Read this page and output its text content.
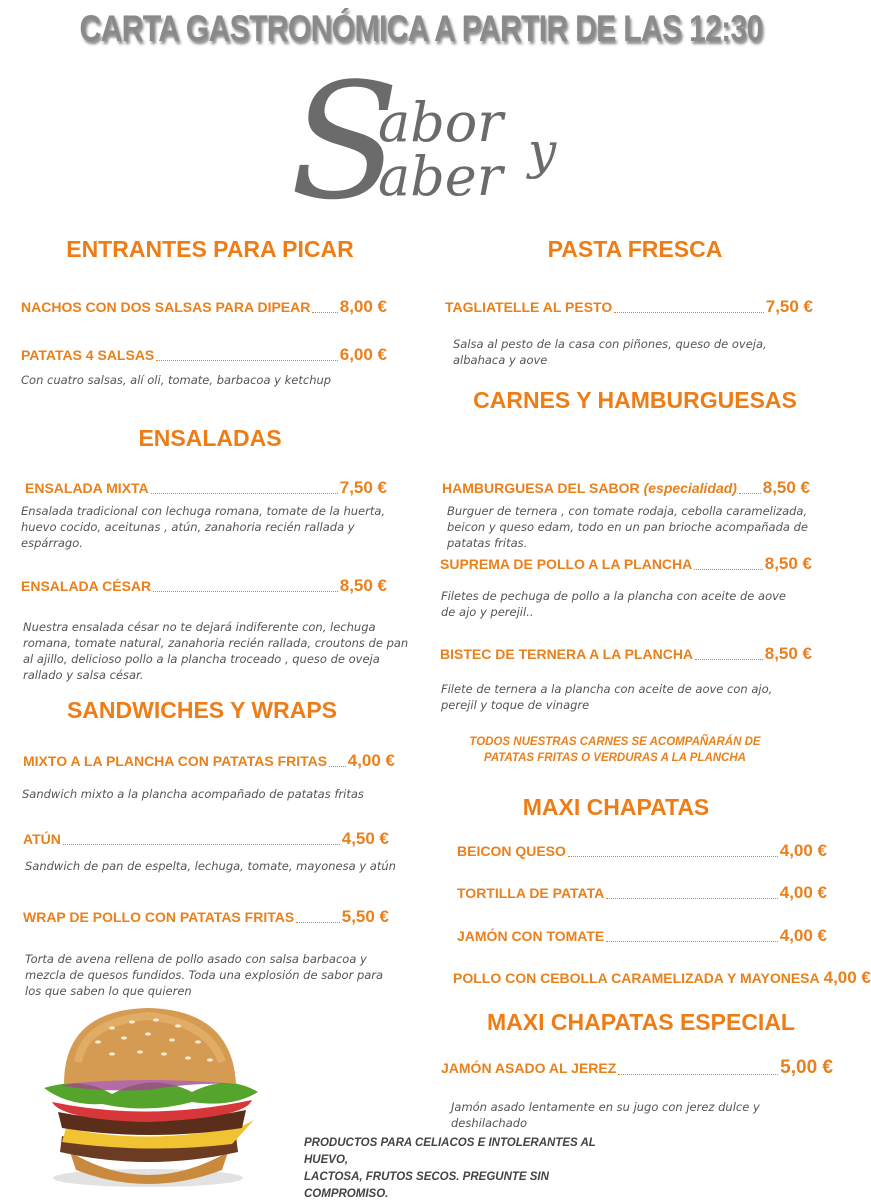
CARTA GASTRONÓMICA A PARTIR DE LAS 12:30
S
abor
aber y
ENTRANTES PARA PICAR
NACHOS CON DOS SALSAS PARA DIPEAR 8,00 €
PATATAS 4 SALSAS	6,00 €
Con cuatro salsas, alí oli, tomate, barbacoa y ketchup
ENSALADAS
ENSALADA MIXTA	7,50 €
Ensalada tradicional con lechuga romana, tomate de la huerta, huevo cocido, aceitunas , atún, zanahoria recién rallada y espárrago.
ENSALADA CÉSAR	8,50 €
Nuestra ensalada césar no te dejará indiferente con, lechuga romana, tomate natural, zanahoria recién rallada, croutons de pan al ajillo, delicioso pollo a la plancha troceado , queso de oveja rallado y salsa césar.
SANDWICHES Y WRAPS
MIXTO A LA PLANCHA CON PATATAS FRITAS 4,00 €
Sandwich mixto a la plancha acompañado de patatas fritas
ATÚN	4,50 €
Sandwich de pan de espelta, lechuga, tomate, mayonesa y atún
WRAP DE POLLO CON PATATAS FRITAS	5,50 €
Torta de avena rellena de pollo asado con salsa barbacoa y mezcla de quesos fundidos. Toda una explosión de sabor para los que saben lo que quieren
PASTA FRESCA
TAGLIATELLE AL PESTO	7,50 €
Salsa al pesto de la casa con piñones, queso de oveja, albahaca y aove
CARNES Y HAMBURGUESAS
HAMBURGUESA DEL SABOR (especialidad) 8,50 €
Burguer de ternera , con tomate rodaja, cebolla caramelizada, beicon y queso edam, todo en un pan brioche acompañada de patatas fritas.
SUPREMA DE POLLO A LA PLANCHA	8,50 €
Filetes de pechuga de pollo a la plancha con aceite de aove de ajo y perejil..
BISTEC DE TERNERA A LA PLANCHA	8,50 €
Filete de ternera a la plancha con aceite de aove con ajo, perejil y toque de vinagre
TODOS NUESTRAS CARNES SE ACOMPAÑARÁN DE
PATATAS FRITAS O VERDURAS A LA PLANCHA
MAXI CHAPATAS
BEICON QUESO	4,00 €
TORTILLA DE PATATA	4,00 €
JAMÓN CON TOMATE	4,00 €
POLLO CON CEBOLLA CARAMELIZADA Y MAYONESA 4,00 €
MAXI CHAPATAS ESPECIAL
JAMÓN ASADO AL JEREZ	5,00 €
Jamón asado lentamente en su jugo con jerez dulce y deshilachado
PRODUCTOS PARA CELIACOS E INTOLERANTES AL HUEVO,
LACTOSA, FRUTOS SECOS. PREGUNTE SIN COMPROMISO.
